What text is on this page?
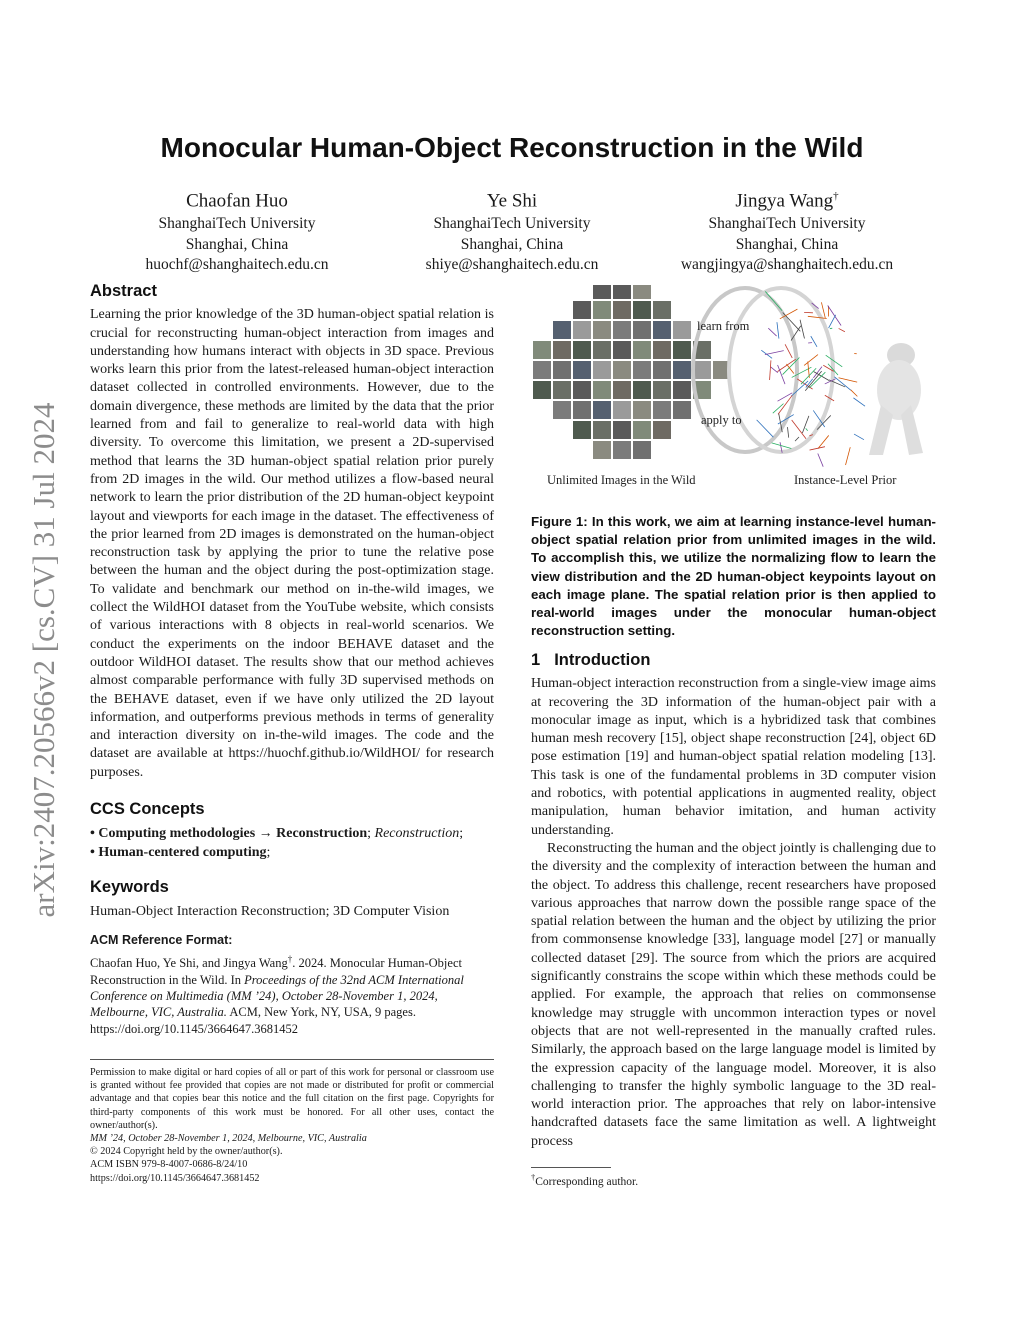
arXiv:2407.20566v2 [cs.CV] 31 Jul 2024
Monocular Human-Object Reconstruction in the Wild
Chaofan Huo
ShanghaiTech University
Shanghai, China
huochf@shanghaitech.edu.cn
Ye Shi
ShanghaiTech University
Shanghai, China
shiye@shanghaitech.edu.cn
Jingya Wang†
ShanghaiTech University
Shanghai, China
wangjingya@shanghaitech.edu.cn
Abstract

Learning the prior knowledge of the 3D human-object spatial relation is crucial for reconstructing human-object interaction from images and understanding how humans interact with objects in 3D space. Previous works learn this prior from the latest-released human-object interaction dataset collected in controlled environments. However, due to the domain divergence, these methods are limited by the data that the prior learned from and fail to generalize to real-world data with high diversity. To overcome this limitation, we present a 2D-supervised method that learns the 3D human-object spatial relation prior purely from 2D images in the wild. Our method utilizes a flow-based neural network to learn the prior distribution of the 2D human-object keypoint layout and viewports for each image in the dataset. The effectiveness of the prior learned from 2D images is demonstrated on the human-object reconstruction task by applying the prior to tune the relative pose between the human and the object during the post-optimization stage. To validate and benchmark our method on in-the-wild images, we collect the WildHOI dataset from the YouTube website, which consists of various interactions with 8 objects in real-world scenarios. We conduct the experiments on the indoor BEHAVE dataset and the outdoor WildHOI dataset. The results show that our method achieves almost comparable performance with fully 3D supervised methods on the BEHAVE dataset, even if we have only utilized the 2D layout information, and outperforms previous methods in terms of generality and interaction diversity on in-the-wild images. The code and the dataset are available at https://huochf.github.io/WildHOI/ for research purposes.

CCS Concepts
• Computing methodologies → Reconstruction; Reconstruction;
• Human-centered computing;
Keywords

Human-Object Interaction Reconstruction; 3D Computer Vision

ACM Reference Format:
Chaofan Huo, Ye Shi, and Jingya Wang†. 2024. Monocular Human-Object Reconstruction in the Wild. In Proceedings of the 32nd ACM International Conference on Multimedia (MM ’24), October 28-November 1, 2024, Melbourne, VIC, Australia. ACM, New York, NY, USA, 9 pages. https://doi.org/10.1145/3664647.3681452

Permission to make digital or hard copies of all or part of this work for personal or classroom use is granted without fee provided that copies are not made or distributed for profit or commercial advantage and that copies bear this notice and the full citation on the first page. Copyrights for third-party components of this work must be honored. For all other uses, contact the owner/author(s).

MM ’24, October 28-November 1, 2024, Melbourne, VIC, Australia
© 2024 Copyright held by the owner/author(s).
ACM ISBN 979-8-4007-0686-8/24/10
https://doi.org/10.1145/3664647.3681452
learn from
apply to
Unlimited Images in the Wild	Instance-Level Prior
Figure 1: In this work, we aim at learning instance-level human-object spatial relation prior from unlimited images in the wild. To accomplish this, we utilize the normalizing flow to learn the view distribution and the 2D human-object keypoints layout on each image plane. The spatial relation prior is then applied to real-world images under the monocular human-object reconstruction setting.
1 Introduction

Human-object interaction reconstruction from a single-view image aims at recovering the 3D information of the human-object pair with a monocular image as input, which is a hybridized task that combines human mesh recovery [15], object shape reconstruction [24], object 6D pose estimation [19] and human-object spatial relation modeling [13]. This task is one of the fundamental problems in 3D computer vision and robotics, with potential applications in augmented reality, object manipulation, human behavior imitation, and human activity understanding.

Reconstructing the human and the object jointly is challenging due to the diversity and the complexity of interaction between the human and the object. To address this challenge, recent researchers have proposed various approaches that narrow down the possible range space of the spatial relation between the human and the object by utilizing the prior from commonsense knowledge [33], language model [27] or manually collected dataset [29]. The source from which the priors are acquired significantly constrains the scope within which these methods could be applied. For example, the approach that relies on commonsense knowledge may struggle with uncommon interaction types or novel objects that are not well-represented in the manually crafted rules. Similarly, the approach based on the large language model is limited by the expression capacity of the language model. Moreover, it is also challenging to transfer the highly symbolic language to the 3D real-world interaction prior. The approaches that rely on labor-intensive handcrafted datasets face the same limitation as well. A lightweight process

†Corresponding author.
